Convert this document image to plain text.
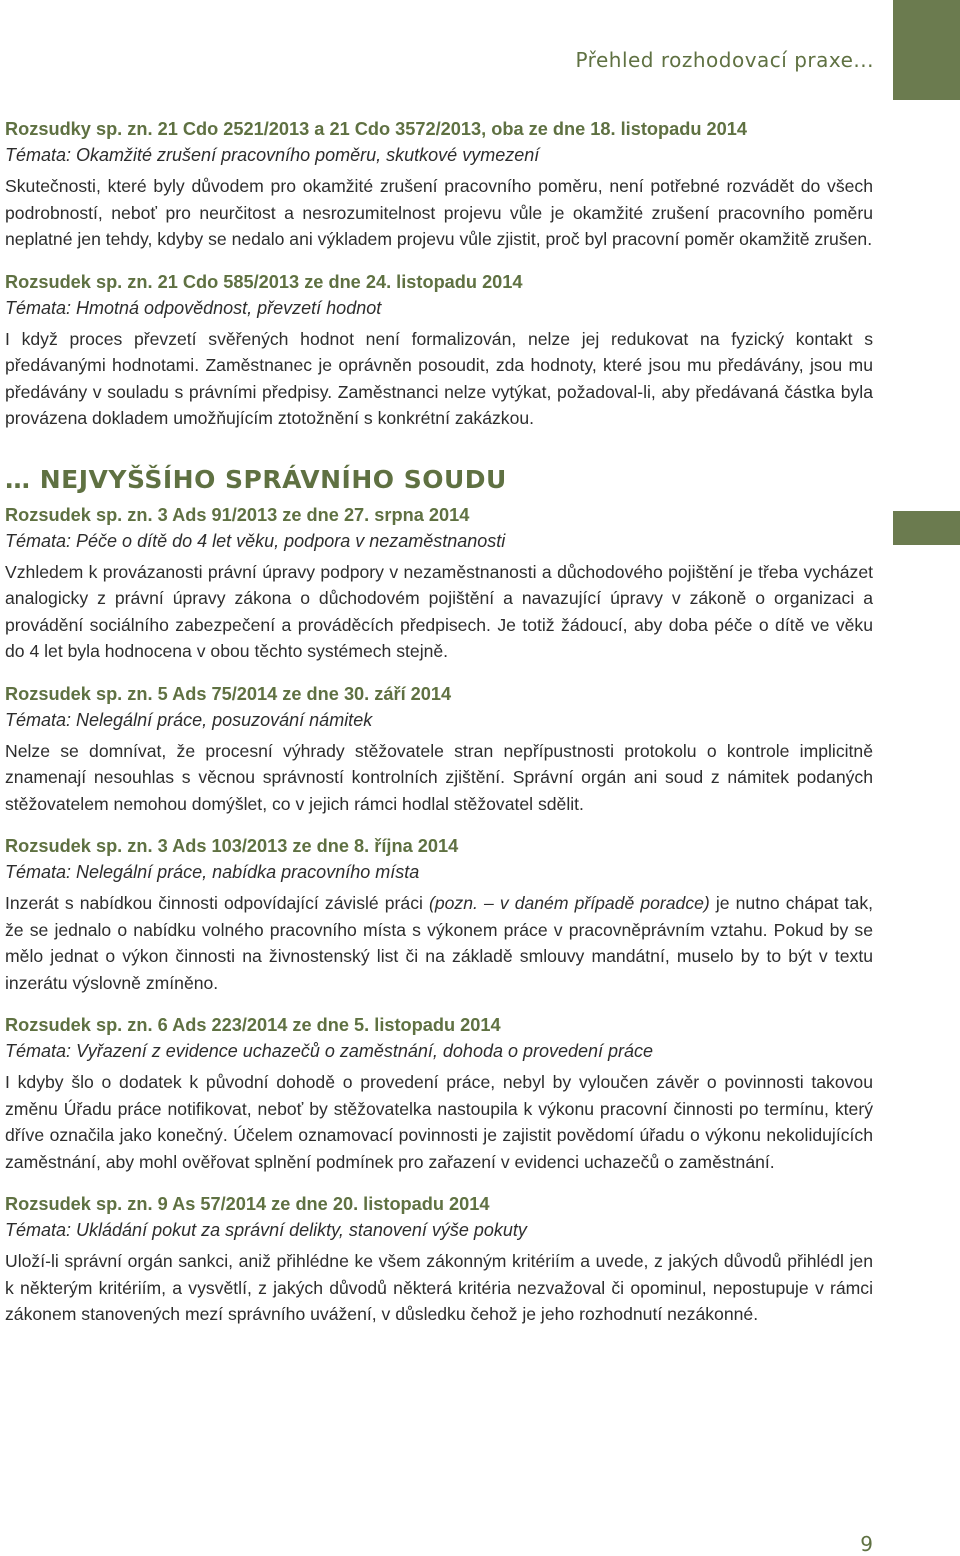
Přehled rozhodovací praxe...

Rozsudky sp. zn. 21 Cdo 2521/2013 a 21 Cdo 3572/2013, oba ze dne 18. listopadu 2014

Témata: Okamžité zrušení pracovního poměru, skutkové vymezení

Skutečnosti, které byly důvodem pro okamžité zrušení pracovního poměru, není potřebné rozvádět do všech podrobností, neboť pro neurčitost a nesrozumitelnost projevu vůle je okamžité zrušení pracovního poměru neplatné jen tehdy, kdyby se nedalo ani výkladem projevu vůle zjistit, proč byl pracovní poměr okamžitě zrušen.

Rozsudek sp. zn. 21 Cdo 585/2013 ze dne 24. listopadu 2014

Témata: Hmotná odpovědnost, převzetí hodnot

I když proces převzetí svěřených hodnot není formalizován, nelze jej redukovat na fyzický kontakt s předávanými hodnotami. Zaměstnanec je oprávněn posoudit, zda hodnoty, které jsou mu předávány, jsou mu předávány v souladu s právními předpisy. Zaměstnanci nelze vytýkat, požadoval-li, aby předávaná částka byla provázena dokladem umožňujícím ztotožnění s konkrétní zakázkou.

… NEJVYŠŠÍHO SPRÁVNÍHO SOUDU

Rozsudek sp. zn. 3 Ads 91/2013 ze dne 27. srpna 2014

Témata: Péče o dítě do 4 let věku, podpora v nezaměstnanosti

Vzhledem k provázanosti právní úpravy podpory v nezaměstnanosti a důchodového pojištění je třeba vycházet analogicky z právní úpravy zákona o důchodovém pojištění a navazující úpravy v zákoně o organizaci a provádění sociálního zabezpečení a prováděcích předpisech. Je totiž žádoucí, aby doba péče o dítě ve věku do 4 let byla hodnocena v obou těchto systémech stejně.

Rozsudek sp. zn. 5 Ads 75/2014 ze dne 30. září 2014

Témata: Nelegální práce, posuzování námitek

Nelze se domnívat, že procesní výhrady stěžovatele stran nepřípustnosti protokolu o kontrole implicitně znamenají nesouhlas s věcnou správností kontrolních zjištění. Správní orgán ani soud z námitek podaných stěžovatelem nemohou domýšlet, co v jejich rámci hodlal stěžovatel sdělit.

Rozsudek sp. zn. 3 Ads 103/2013 ze dne 8. října 2014

Témata: Nelegální práce, nabídka pracovního místa

Inzerát s nabídkou činnosti odpovídající závislé práci (pozn. – v daném případě poradce) je nutno chápat tak, že se jednalo o nabídku volného pracovního místa s výkonem práce v pracovněprávním vztahu. Pokud by se mělo jednat o výkon činnosti na živnostenský list či na základě smlouvy mandátní, muselo by to být v textu inzerátu výslovně zmíněno.

Rozsudek sp. zn. 6 Ads 223/2014 ze dne 5. listopadu 2014

Témata: Vyřazení z evidence uchazečů o zaměstnání, dohoda o provedení práce

I kdyby šlo o dodatek k původní dohodě o provedení práce, nebyl by vyloučen závěr o povinnosti takovou změnu Úřadu práce notifikovat, neboť by stěžovatelka nastoupila k výkonu pracovní činnosti po termínu, který dříve označila jako konečný. Účelem oznamovací povinnosti je zajistit povědomí úřadu o výkonu nekolidujících zaměstnání, aby mohl ověřovat splnění podmínek pro zařazení v evidenci uchazečů o zaměstnání.

Rozsudek sp. zn. 9 As 57/2014 ze dne 20. listopadu 2014

Témata: Ukládání pokut za správní delikty, stanovení výše pokuty

Uloží-li správní orgán sankci, aniž přihlédne ke všem zákonným kritériím a uvede, z jakých důvodů přihlédl jen k některým kritériím, a vysvětlí, z jakých důvodů některá kritéria nezvažoval či opominul, nepostupuje v rámci zákonem stanovených mezí správního uvážení, v důsledku čehož je jeho rozhodnutí nezákonné.

9
